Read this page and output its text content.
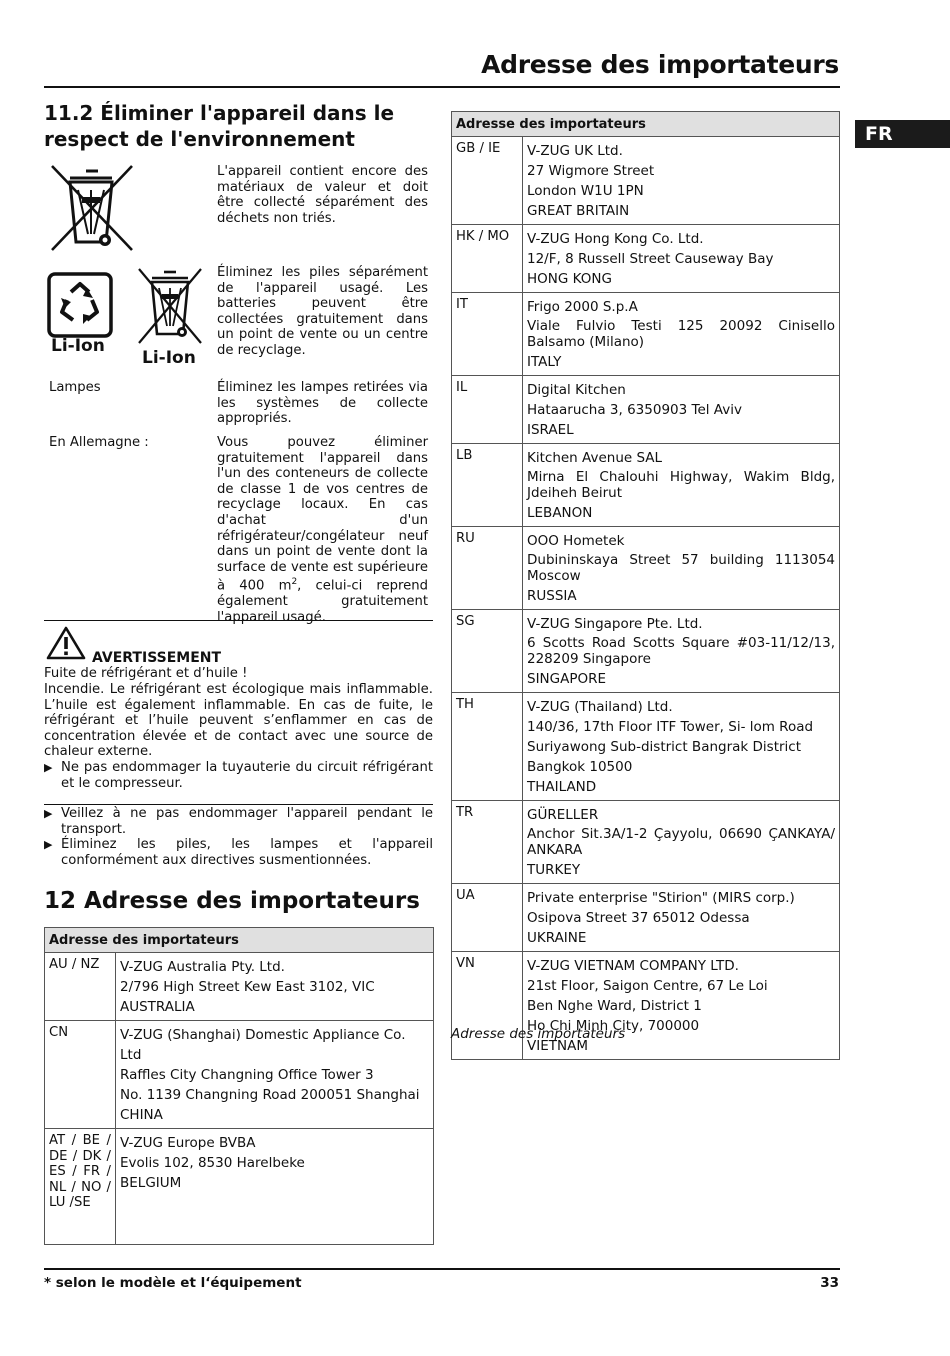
Adresse des importateurs
FR
11.2 Éliminer l'appareil dans le respect de l'environnement
L'appareil contient encore des matériaux de valeur et doit être collecté séparément des déchets non triés.
Li-Ion
Li-Ion
Éliminez les piles séparément de l'appareil usagé. Les batteries peuvent être collectées gratuitement dans un point de vente ou un centre de recyclage.
Lampes	Éliminez les lampes retirées via les systèmes de collecte appropriés.
En Allemagne :	Vous pouvez éliminer gratuitement l'appareil dans l'un des conteneurs de collecte de classe 1 de vos centres de recyclage locaux. En cas d'achat d'un réfrigérateur/congélateur neuf dans un point de vente dont la surface de vente est supérieure à 400 $m^2$, celui-ci reprend également gratuitement l'appareil usagé.
AVERTISSEMENT
Fuite de réfrigérant et d’huile !
Incendie. Le réfrigérant est écologique mais inflammable. L’huile est également inflammable. En cas de fuite, le réfrigérant et l’huile peuvent s’enflammer en cas de concentration élevée et de contact avec une source de chaleur externe.
▶ Ne pas endommager la tuyauterie du circuit réfrigérant et le compresseur.
▶ Veillez à ne pas endommager l'appareil pendant le transport.
▶ Éliminez les piles, les lampes et l'appareil conformément aux directives susmentionnées.
12 Adresse des importateurs
Adresse des importateurs	
AU / NZ	V-ZUG Australia Pty. Ltd.
2/796 High Street Kew East 3102, VIC
AUSTRALIA

CN	V-ZUG (Shanghai) Domestic Appliance Co. Ltd
Raffles City Changning Office Tower 3
No. 1139 Changning Road 200051 Shanghai
CHINA

AT / BE / DE / DK / ES / FR / NL / NO / LU /SE	V-ZUG Europe BVBA
Evolis 102, 8530 Harelbeke
BELGIUM
Adresse des importateurs	
GB / IE	V-ZUG UK Ltd.
27 Wigmore Street
London W1U 1PN
GREAT BRITAIN

HK / MO	V-ZUG Hong Kong Co. Ltd.
12/F, 8 Russell Street Causeway Bay
HONG KONG

IT	Frigo 2000 S.p.A
Viale Fulvio Testi 125 20092 Cinisello Balsamo (Milano)
ITALY

IL	Digital Kitchen
Hataarucha 3, 6350903 Tel Aviv
ISRAEL

LB	Kitchen Avenue SAL
Mirna El Chalouhi Highway, Wakim Bldg, Jdeiheh Beirut
LEBANON

RU	OOO Hometek
Dubininskaya Street 57 building 1113054 Moscow
RUSSIA

SG	V-ZUG Singapore Pte. Ltd.
6 Scotts Road Scotts Square #03-11/12/13, 228209 Singapore
SINGAPORE

TH	V-ZUG (Thailand) Ltd.
140/36, 17th Floor ITF Tower, Si- lom Road
Suriyawong Sub-district Bangrak District
Bangkok 10500
THAILAND

TR	GÜRELLER
Anchor Sit.3A/1-2 Çayyolu, 06690 ÇANKAYA/ ANKARA
TURKEY

UA	Private enterprise "Stirion" (MIRS corp.)
Osipova Street 37 65012 Odessa
UKRAINE

VN	V-ZUG VIETNAM COMPANY LTD.
21st Floor, Saigon Centre, 67 Le Loi
Ben Nghe Ward, District 1
Ho Chi Minh City, 700000
VIETNAM
Adresse des importateurs
* selon le modèle et l‘équipement	33
